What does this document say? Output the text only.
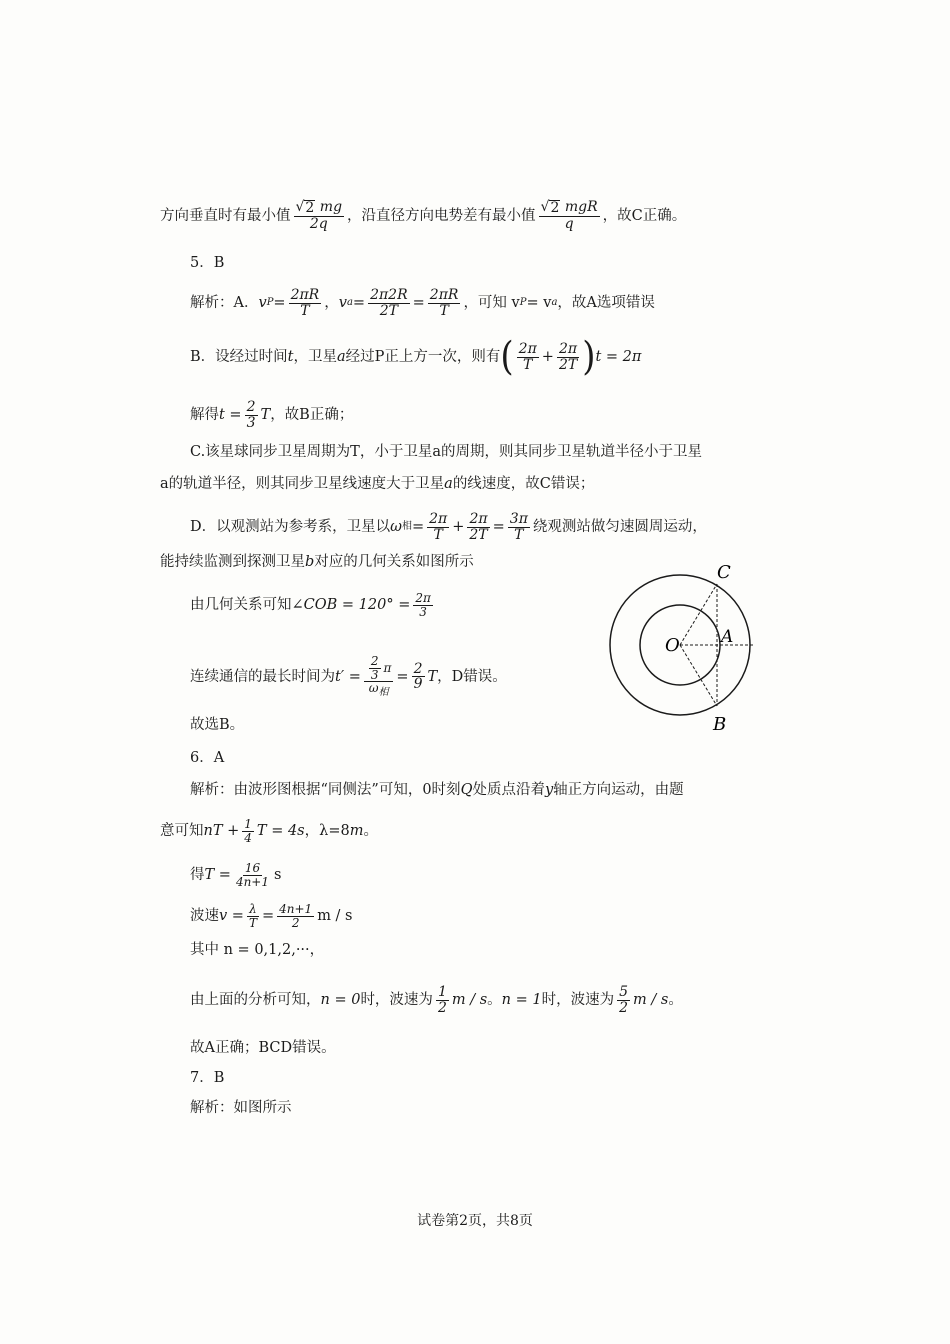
方向垂直时有最小值 $\frac{√ 2 mg}{2q}$ ，沿直径方向电势差有最小值 $\frac{\text{√ 2 mgR}}{q}$ ，故C正确。
5．B
解析：A． v $P = \frac{2\pi R}{T}$ ， v $a = \frac{2\pi 2R}{2T} = \frac{2\pi R}{T}$ ，可知 v P = v a ，故A选项错误
B．设经过时间 t ，卫星 a 经过P正上方一次，则有 ( $\frac{2\pi}{T} + \frac{2\pi}{2T}$ ) t = 2π
解得 $t = \frac{2}{3}$ T ，故B正确；
C.该星球同步卫星周期为T，小于卫星a的周期，则其同步卫星轨道半径小于卫星
a的轨道半径，则其同步卫星线速度大于卫星 a 的线速度，故C错误；
D．以观测站为参考系，卫星以 ω 相 = $\frac{2\pi}{T} + \frac{2\pi}{2T} = \frac{3\pi}{T}$ 绕观测站做匀速圆周运动，
能持续监测到探测卫星 b 对应的几何关系如图所示
由几何关系可知 ∠COB = $120^\circ = \frac{2\pi}{3}$
连续通信的最长时间为 $t' = \frac{\frac{2}{3} \pi}{\omega_相} = \frac{2}{9}$ T ，D错误。
故选B。
C
O A
B
6．A
解析：由波形图根据“同侧法”可知，0时刻 Q 处质点沿着 y 轴正方向运动，由题
意可知 nT + $\frac{1}{4}$ T = 4s ，λ=8 m 。
得 $T = \frac{16}{4n+1}$ s
波速 $v = \frac{\lambda}{T} = \frac{4n+1}{2}$ m / s
其中 n = 0,1,2,···，
由上面的分析可知， n = 0 时，波速为 $\frac{1}{2}$ m / s 。 n = 1 时，波速为 $\frac{5}{2}$ m / s 。
故A正确；BCD错误。
7．B
解析：如图所示
试卷第2页，共8页
